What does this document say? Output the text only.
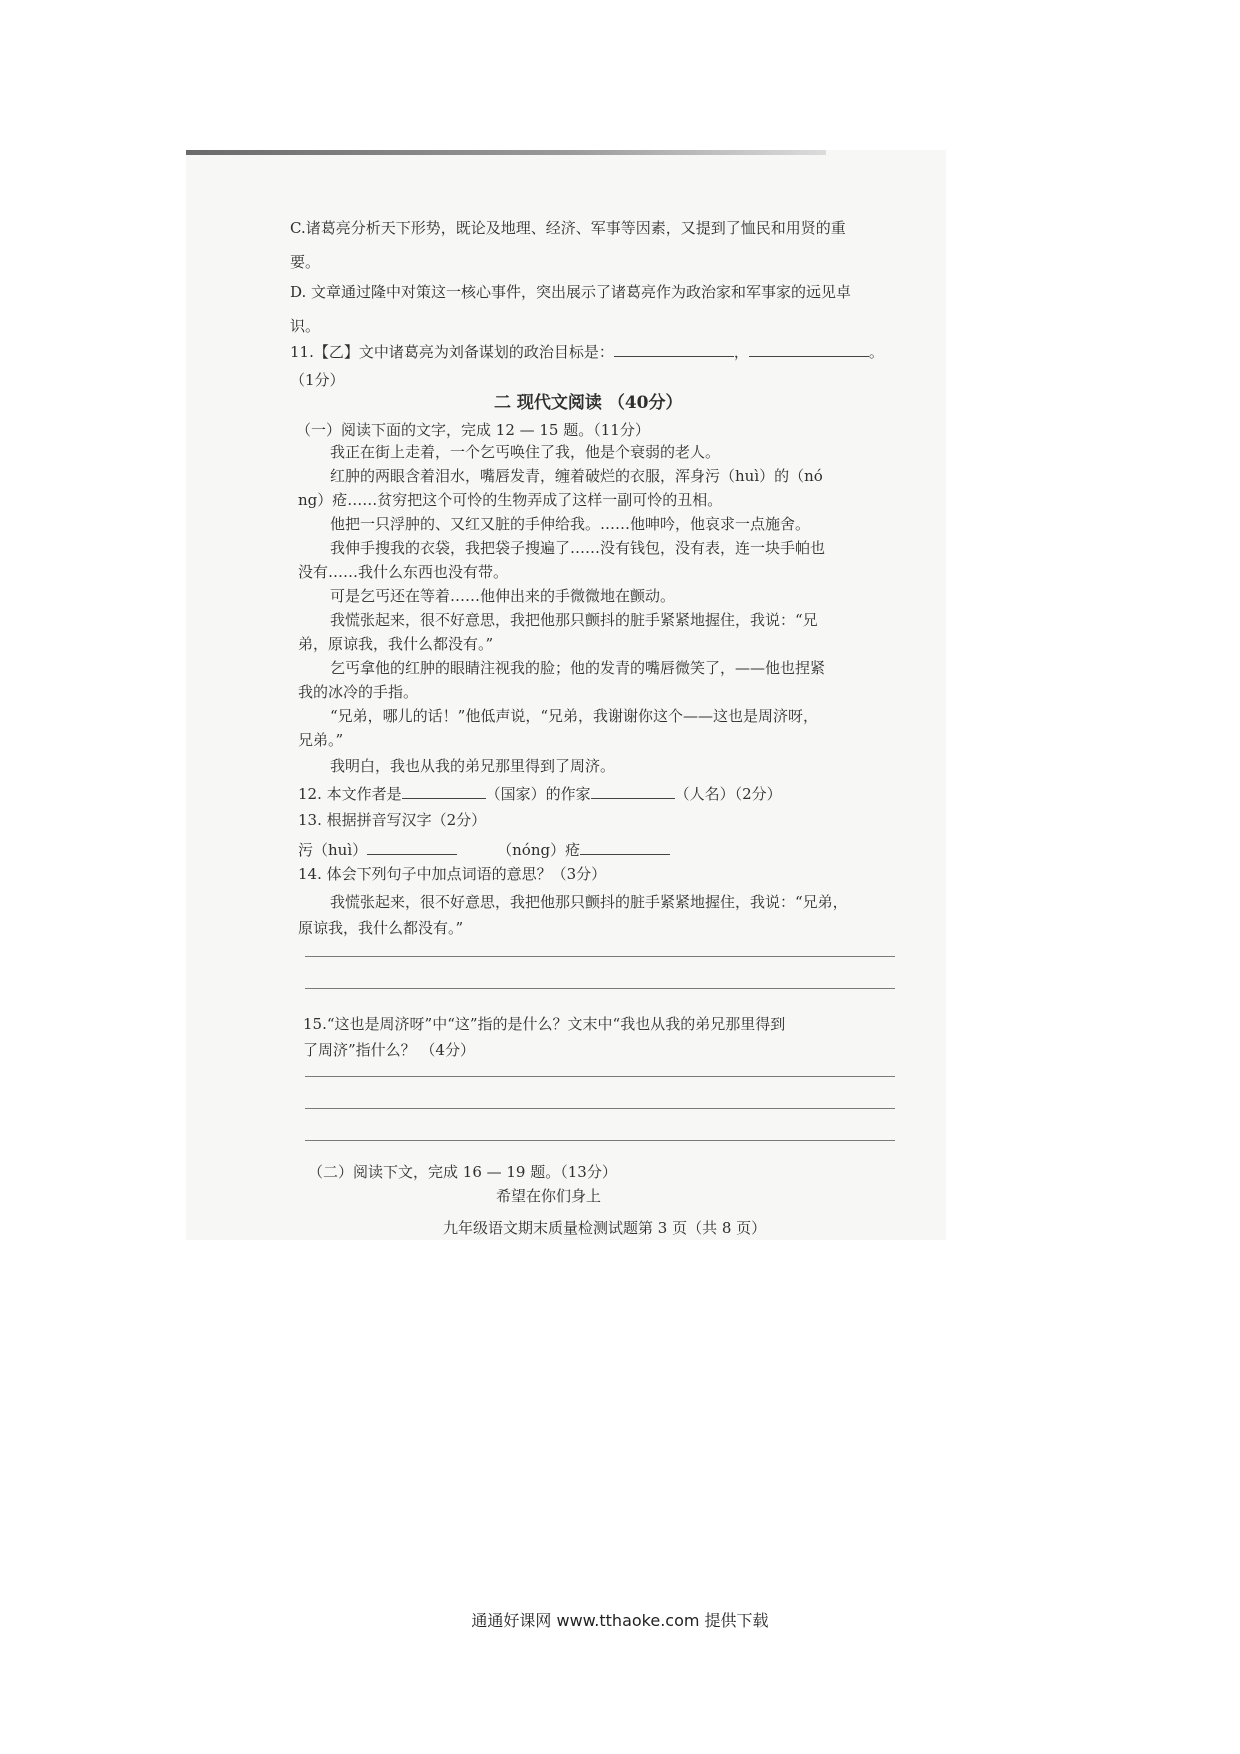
C.诸葛亮分析天下形势，既论及地理、经济、军事等因素，又提到了恤民和用贤的重
要。
D. 文章通过隆中对策这一核心事件，突出展示了诸葛亮作为政治家和军事家的远见卓
识。
11.【乙】文中诸葛亮为刘备谋划的政治目标是：	，	。
（1分）
二 现代文阅读 （40分）
（一）阅读下面的文字，完成 12 — 15 题。（11分）
我正在街上走着，一个乞丐唤住了我，他是个衰弱的老人。
红肿的两眼含着泪水，嘴唇发青，缠着破烂的衣服，浑身污（huì）的（nó
ng）疮……贫穷把这个可怜的生物弄成了这样一副可怜的丑相。
他把一只浮肿的、又红又脏的手伸给我。……他呻吟，他哀求一点施舍。
我伸手搜我的衣袋，我把袋子搜遍了……没有钱包，没有表，连一块手帕也
没有……我什么东西也没有带。
可是乞丐还在等着……他伸出来的手微微地在颤动。
我慌张起来，很不好意思，我把他那只颤抖的脏手紧紧地握住，我说：“兄
弟，原谅我，我什么都没有。”
乞丐拿他的红肿的眼睛注视我的脸；他的发青的嘴唇微笑了，——他也捏紧
我的冰冷的手指。
“兄弟，哪儿的话！”他低声说，“兄弟，我谢谢你这个——这也是周济呀，
兄弟。”
我明白，我也从我的弟兄那里得到了周济。
12. 本文作者是	（国家）的作家	（人名）（2分）
13. 根据拼音写汉字（2分）
污（huì）	（nóng）疮
14. 体会下列句子中加点词语的意思？（3分）
我慌张起来，很不好意思，我把他那只颤抖的脏手紧紧地握住，我说：“兄弟，
原谅我，我什么都没有。”
15.“这也是周济呀”中“这”指的是什么？文末中“我也从我的弟兄那里得到
了周济”指什么？ （4分）
（二）阅读下文，完成 16 — 19 题。（13分）
希望在你们身上
九年级语文期末质量检测试题第 3 页（共 8 页）
通通好课网 www.tthaoke.com 提供下载
